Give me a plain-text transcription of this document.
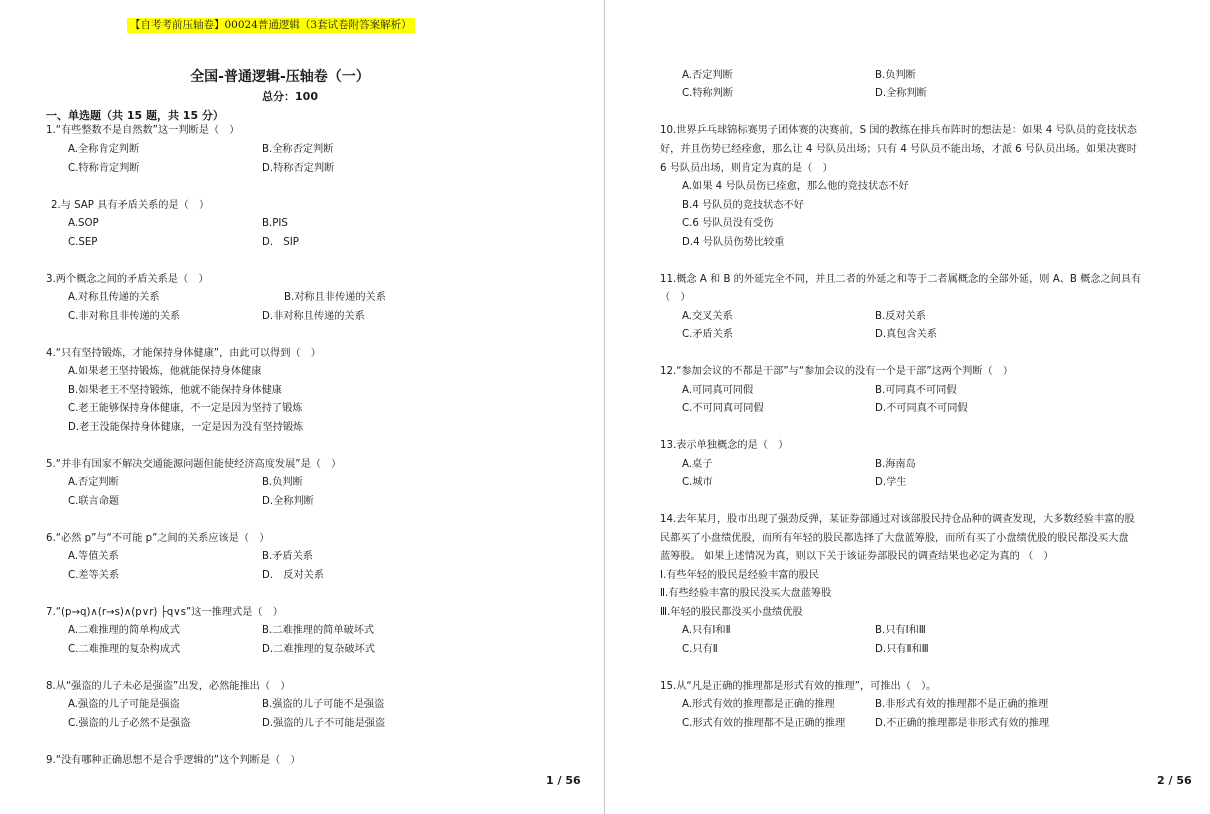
【自考考前压轴卷】00024普通逻辑（3套试卷附答案解析）
全国-普通逻辑-压轴卷（一）
总分：100
一、单选题（共 15 题，共 15 分）
1.“有些整数不是自然数”这一判断是（　）
A.全称肯定判断	B.全称否定判断
C.特称肯定判断	D.特称否定判断
2.与 SAP 具有矛盾关系的是（　）
A.SOP	B.PIS
C.SEP	D.　SIP
3.两个概念之间的矛盾关系是（　）
A.对称且传递的关系	B.对称且非传递的关系
C.非对称且非传递的关系	D.非对称且传递的关系
4.“只有坚持锻炼，才能保持身体健康”，由此可以得到（　）
A.如果老王坚持锻炼，他就能保持身体健康
B.如果老王不坚持锻炼，他就不能保持身体健康
C.老王能够保持身体健康，不一定是因为坚持了锻炼
D.老王没能保持身体健康，一定是因为没有坚持锻炼
5.“并非有国家不解决交通能源问题但能使经济高度发展”是（　）
A.否定判断	B.负判断
C.联言命题	D.全称判断
6.“必然 p”与“不可能 p”之间的关系应该是（　）
A.等值关系	B.矛盾关系
C.差等关系	D.　反对关系
7.“(p→q)∧(r→s)∧(p∨r) ├q∨s”这一推理式是（　）
A.二难推理的简单构成式	B.二难推理的简单破坏式
C.二难推理的复杂构成式	D.二难推理的复杂破坏式
8.从“强盗的儿子未必是强盗”出发，必然能推出（　）
A.强盗的儿子可能是强盗	B.强盗的儿子可能不是强盗
C.强盗的儿子必然不是强盗	D.强盗的儿子不可能是强盗
9.“没有哪种正确思想不是合乎逻辑的”这个判断是（　）
1 / 56
A.否定判断	B.负判断
C.特称判断	D.全称判断
10.世界乒乓球锦标赛男子团体赛的决赛前，S 国的教练在排兵布阵时的想法是：如果 4 号队员的竞技状态
好，并且伤势已经痊愈，那么让 4 号队员出场；只有 4 号队员不能出场，才派 6 号队员出场。如果决赛时
6 号队员出场，则肯定为真的是（　）
A.如果 4 号队员伤已痊愈，那么他的竞技状态不好
B.4 号队员的竞技状态不好
C.6 号队员没有受伤
D.4 号队员伤势比较重
11.概念 A 和 B 的外延完全不同，并且二者的外延之和等于二者属概念的全部外延，则 A、B 概念之间具有
（　）
A.交叉关系	B.反对关系
C.矛盾关系	D.真包含关系
12.“参加会议的不都是干部”与“参加会议的没有一个是干部”这两个判断（　）
A.可同真可同假	B.可同真不可同假
C.不可同真可同假	D.不可同真不可同假
13.表示单独概念的是（　）
A.桌子	B.海南岛
C.城市	D.学生
14.去年某月，股市出现了强劲反弹，某证券部通过对该部股民持仓品种的调查发现，大多数经验丰富的股
民都买了小盘绩优股，而所有年轻的股民都选择了大盘蓝筹股，而所有买了小盘绩优股的股民都没买大盘
蓝筹股。 如果上述情况为真，则以下关于该证券部股民的调查结果也必定为真的 （　）
Ⅰ.有些年轻的股民是经验丰富的股民
Ⅱ.有些经验丰富的股民没买大盘蓝筹股
Ⅲ.年轻的股民都没买小盘绩优股
A.只有Ⅰ和Ⅱ	B.只有Ⅰ和Ⅲ
C.只有Ⅱ	D.只有Ⅱ和Ⅲ
15.从“凡是正确的推理都是形式有效的推理”，可推出（　）。
A.形式有效的推理都是正确的推理	B.非形式有效的推理都不是正确的推理
C.形式有效的推理都不是正确的推理	D.不正确的推理都是非形式有效的推理
2 / 56
